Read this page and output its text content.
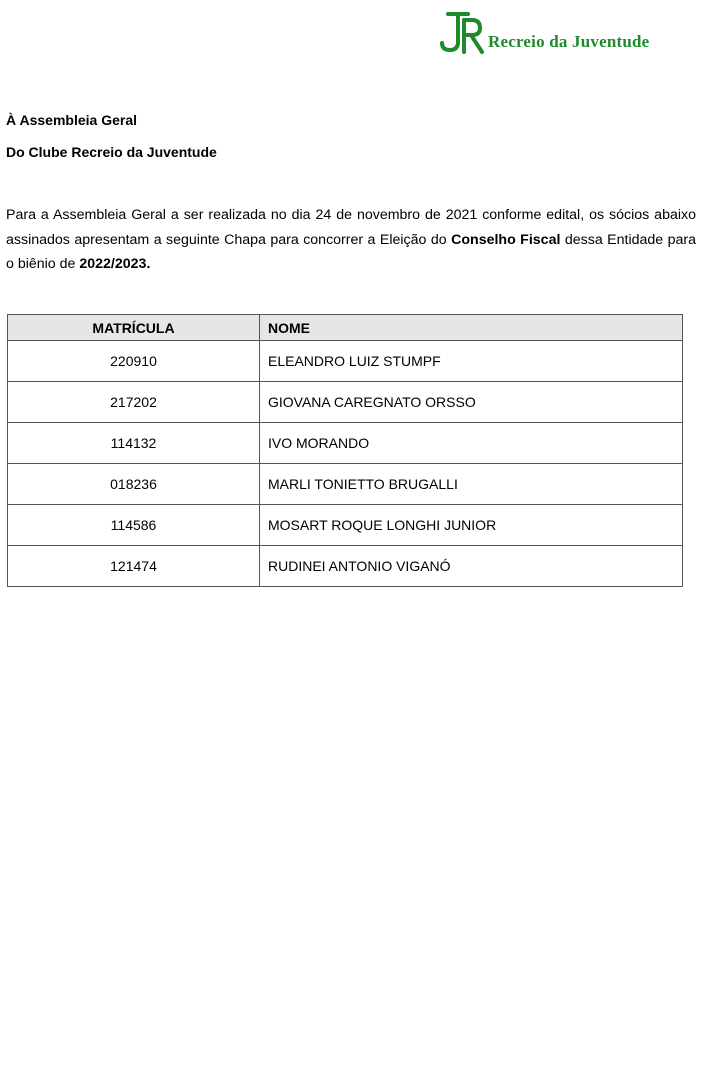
Recreio da Juventude
À Assembleia Geral
Do Clube Recreio da Juventude

Para a Assembleia Geral a ser realizada no dia 24 de novembro de 2021 conforme edital, os sócios abaixo assinados apresentam a seguinte Chapa para concorrer a Eleição do Conselho Fiscal dessa Entidade para o biênio de 2022/2023.

MATRÍCULA	NOME
220910	ELEANDRO LUIZ STUMPF
217202	GIOVANA CAREGNATO ORSSO
114132	IVO MORANDO
018236	MARLI TONIETTO BRUGALLI
114586	MOSART ROQUE LONGHI JUNIOR
121474	RUDINEI ANTONIO VIGANÓ
